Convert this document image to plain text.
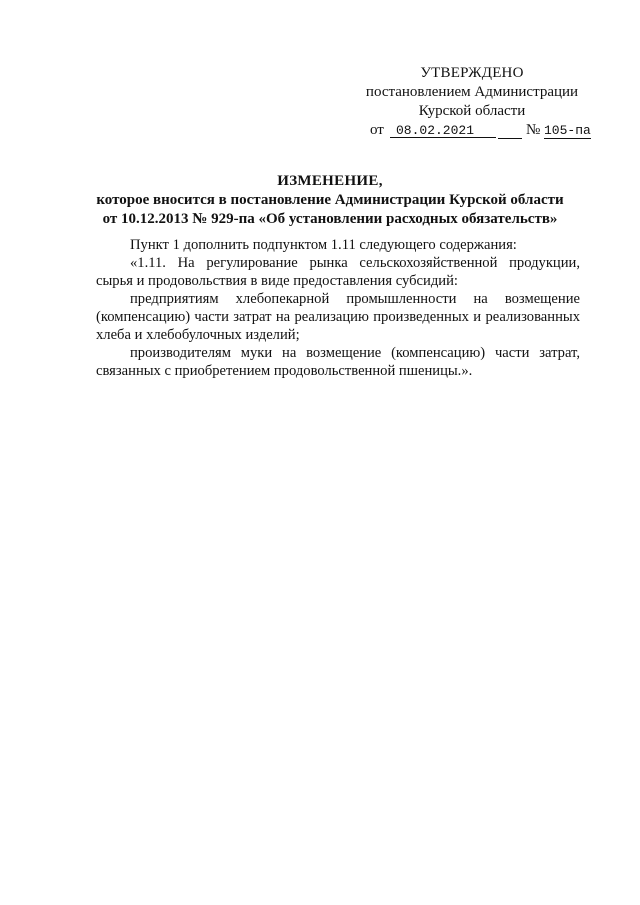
УТВЕРЖДЕНО
постановлением Администрации
Курской области
от 08.02.2021	№ 105-па
ИЗМЕНЕНИЕ,
которое вносится в постановление Администрации Курской области
от 10.12.2013 № 929-па «Об установлении расходных обязательств»

Пункт 1 дополнить подпунктом 1.11 следующего содержания:

«1.11. На регулирование рынка сельскохозяйственной продукции, сырья и продовольствия в виде предоставления субсидий:

предприятиям хлебопекарной промышленности на возмещение (компенсацию) части затрат на реализацию произведенных и реализованных хлеба и хлебобулочных изделий;

производителям муки на возмещение (компенсацию) части затрат, связанных с приобретением продовольственной пшеницы.».
